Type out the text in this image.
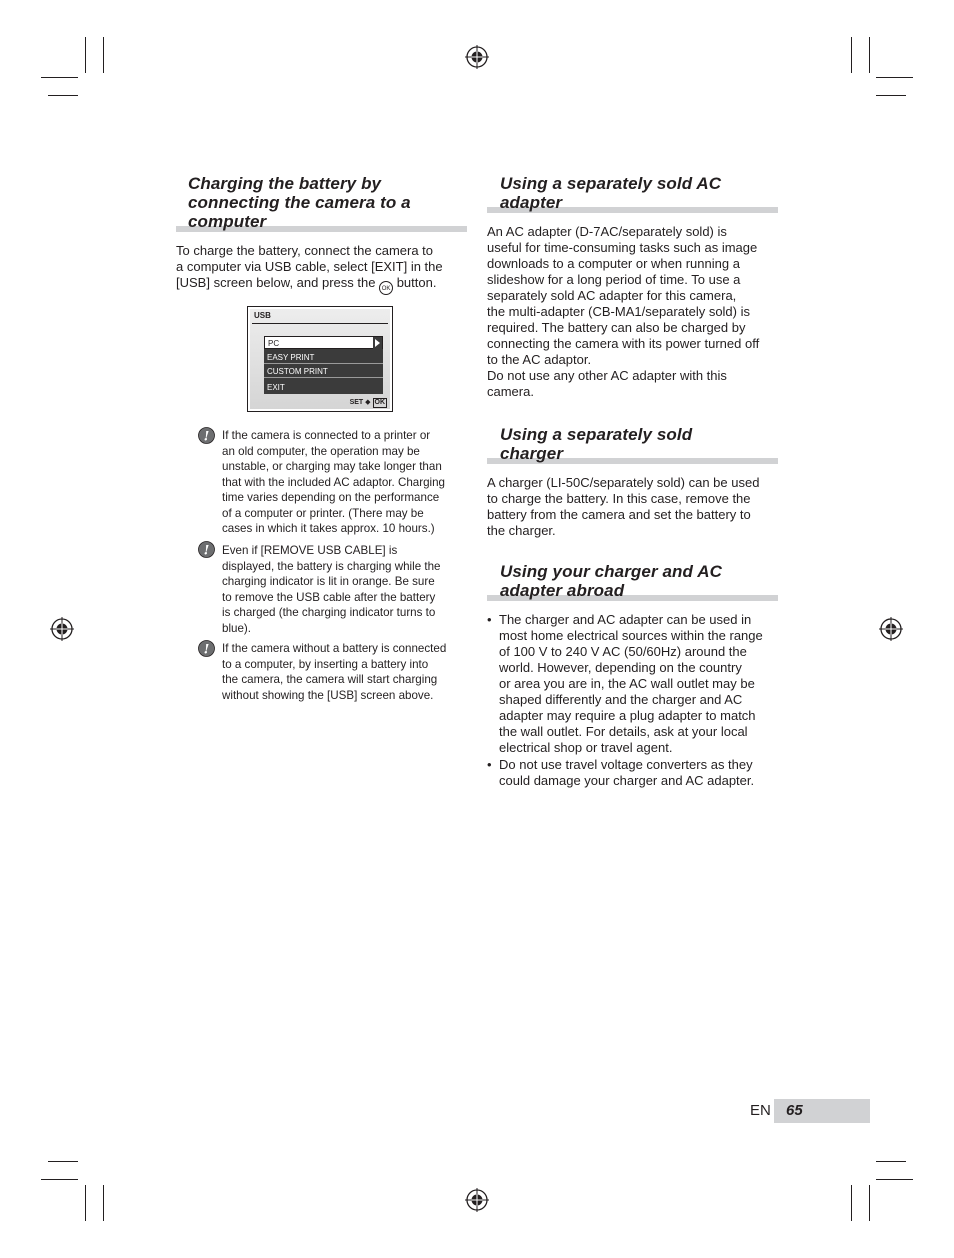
Charging the battery by
connecting the camera to a
computer
To charge the battery, connect the camera to
a computer via USB cable, select [EXIT] in the
[USB] screen below, and press the OK button.
USB
PC
EASY PRINT
CUSTOM PRINT
EXIT
SET ◆ OK
! If the camera is connected to a printer or
an old computer, the operation may be
unstable, or charging may take longer than
that with the included AC adaptor. Charging
time varies depending on the performance
of a computer or printer. (There may be
cases in which it takes approx. 10 hours.)
! Even if [REMOVE USB CABLE] is
displayed, the battery is charging while the
charging indicator is lit in orange. Be sure
to remove the USB cable after the battery
is charged (the charging indicator turns to
blue).
! If the camera without a battery is connected
to a computer, by inserting a battery into
the camera, the camera will start charging
without showing the [USB] screen above.
Using a separately sold AC
adapter
An AC adapter (D-7AC/separately sold) is
useful for time-consuming tasks such as image
downloads to a computer or when running a
slideshow for a long period of time. To use a
separately sold AC adapter for this camera,
the multi-adapter (CB-MA1/separately sold) is
required. The battery can also be charged by
connecting the camera with its power turned off
to the AC adaptor.
Do not use any other AC adapter with this
camera.
Using a separately sold
charger
A charger (LI-50C/separately sold) can be used
to charge the battery. In this case, remove the
battery from the camera and set the battery to
the charger.
Using your charger and AC
adapter abroad
• The charger and AC adapter can be used in
most home electrical sources within the range
of 100 V to 240 V AC (50/60Hz) around the
world. However, depending on the country
or area you are in, the AC wall outlet may be
shaped differently and the charger and AC
adapter may require a plug adapter to match
the wall outlet. For details, ask at your local
electrical shop or travel agent.
• Do not use travel voltage converters as they
could damage your charger and AC adapter.
EN 65
